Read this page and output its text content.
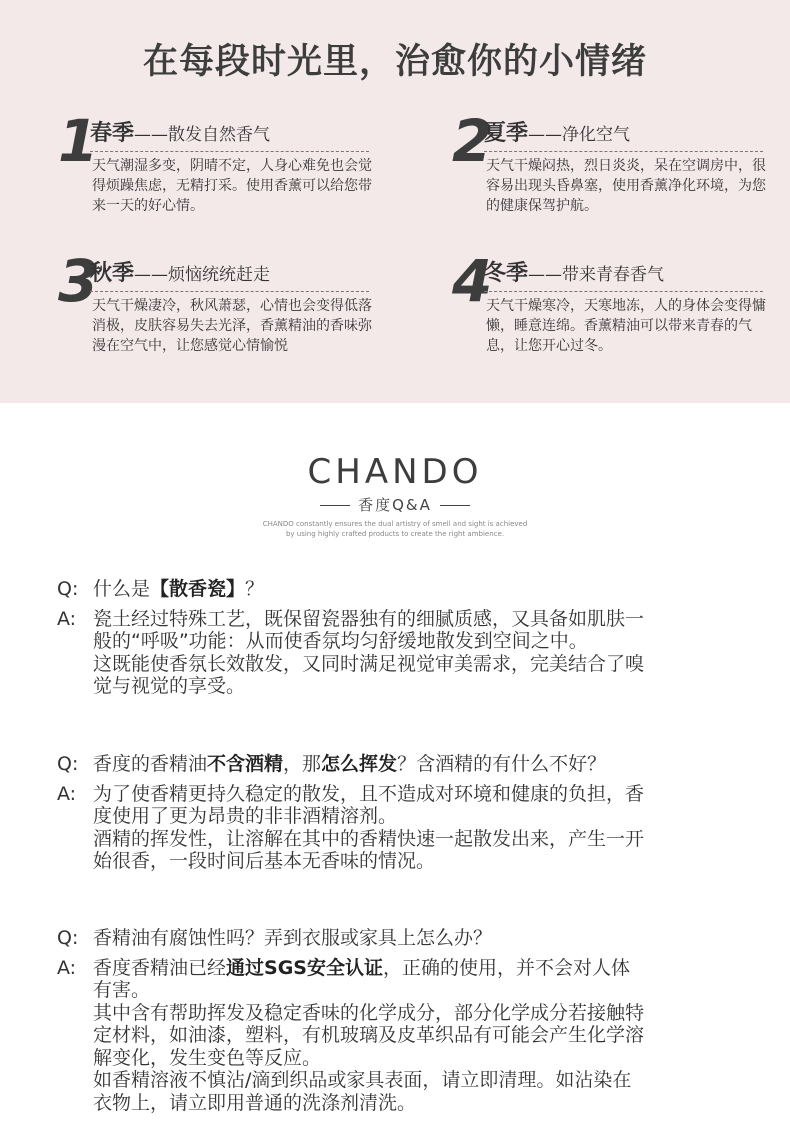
在每段时光里，治愈你的小情绪
1
春季——散发自然香气
天气潮湿多变，阴晴不定，人身心难免也会觉得烦躁焦虑，无精打采。使用香薰可以给您带来一天的好心情。
2
夏季——净化空气
天气干燥闷热，烈日炎炎，呆在空调房中，很容易出现头昏鼻塞，使用香薰净化环境，为您的健康保驾护航。
3
秋季——烦恼统统赶走
天气干燥凄冷，秋风萧瑟，心情也会变得低落消极，皮肤容易失去光泽，香薰精油的香味弥漫在空气中，让您感觉心情愉悦
4
冬季——带来青春香气
天气干燥寒冷，天寒地冻，人的身体会变得慵懒，睡意连绵。香薰精油可以带来青春的气息，让您开心过冬。
CHANDO
香度Q&A
CHANDO constantly ensures the dual artistry of smell and sight is achieved
by using highly crafted products to create the right ambience.
Q: 什么是【散香瓷】？
A: 瓷土经过特殊工艺，既保留瓷器独有的细腻质感，又具备如肌肤一
般的“呼吸”功能：从而使香氛均匀舒缓地散发到空间之中。
这既能使香氛长效散发，又同时满足视觉审美需求，完美结合了嗅
觉与视觉的享受。
Q: 香度的香精油不含酒精，那怎么挥发？含酒精的有什么不好？
A: 为了使香精更持久稳定的散发，且不造成对环境和健康的负担，香
度使用了更为昂贵的非非酒精溶剂。
酒精的挥发性，让溶解在其中的香精快速一起散发出来，产生一开
始很香，一段时间后基本无香味的情况。
Q: 香精油有腐蚀性吗？弄到衣服或家具上怎么办？
A: 香度香精油已经通过SGS安全认证，正确的使用，并不会对人体
有害。
其中含有帮助挥发及稳定香味的化学成分，部分化学成分若接触特
定材料，如油漆，塑料，有机玻璃及皮革织品有可能会产生化学溶
解变化，发生变色等反应。
如香精溶液不慎沾/滴到织品或家具表面，请立即清理。如沾染在
衣物上，请立即用普通的洗涤剂清洗。
